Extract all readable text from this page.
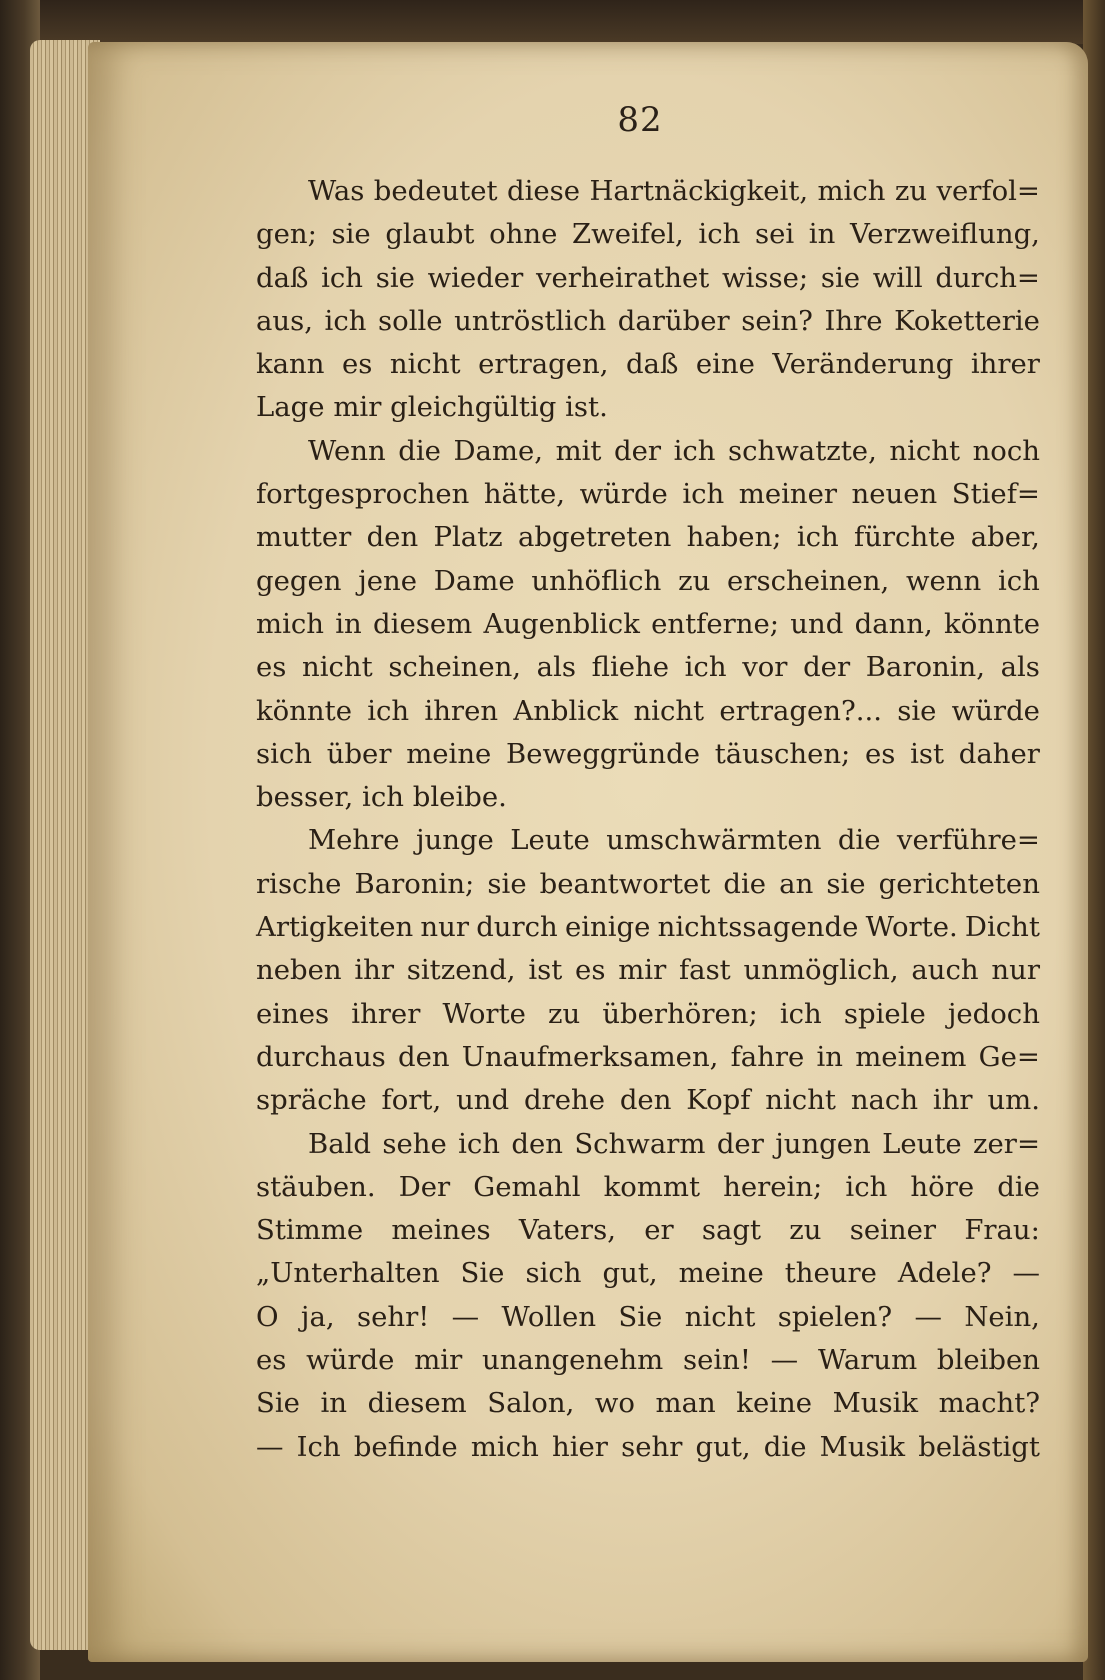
82
Was bedeutet diese Hartnäckigkeit, mich zu verfol=
gen; sie glaubt ohne Zweifel, ich sei in Verzweiflung,
daß ich sie wieder verheirathet wisse; sie will durch=
aus, ich solle untröstlich darüber sein? Ihre Koketterie
kann es nicht ertragen, daß eine Veränderung ihrer
Lage mir gleichgültig ist.
Wenn die Dame, mit der ich schwatzte, nicht noch
fortgesprochen hätte, würde ich meiner neuen Stief=
mutter den Platz abgetreten haben; ich fürchte aber,
gegen jene Dame unhöflich zu erscheinen, wenn ich
mich in diesem Augenblick entferne; und dann, könnte
es nicht scheinen, als fliehe ich vor der Baronin, als
könnte ich ihren Anblick nicht ertragen?... sie würde
sich über meine Beweggründe täuschen; es ist daher
besser, ich bleibe.
Mehre junge Leute umschwärmten die verführe=
rische Baronin; sie beantwortet die an sie gerichteten
Artigkeiten nur durch einige nichtssagende Worte. Dicht
neben ihr sitzend, ist es mir fast unmöglich, auch nur
eines ihrer Worte zu überhören; ich spiele jedoch
durchaus den Unaufmerksamen, fahre in meinem Ge=
spräche fort, und drehe den Kopf nicht nach ihr um.
Bald sehe ich den Schwarm der jungen Leute zer=
stäuben. Der Gemahl kommt herein; ich höre die
Stimme meines Vaters, er sagt zu seiner Frau:
„Unterhalten Sie sich gut, meine theure Adele? —
O ja, sehr! — Wollen Sie nicht spielen? — Nein,
es würde mir unangenehm sein! — Warum bleiben
Sie in diesem Salon, wo man keine Musik macht?
— Ich befinde mich hier sehr gut, die Musik belästigt
